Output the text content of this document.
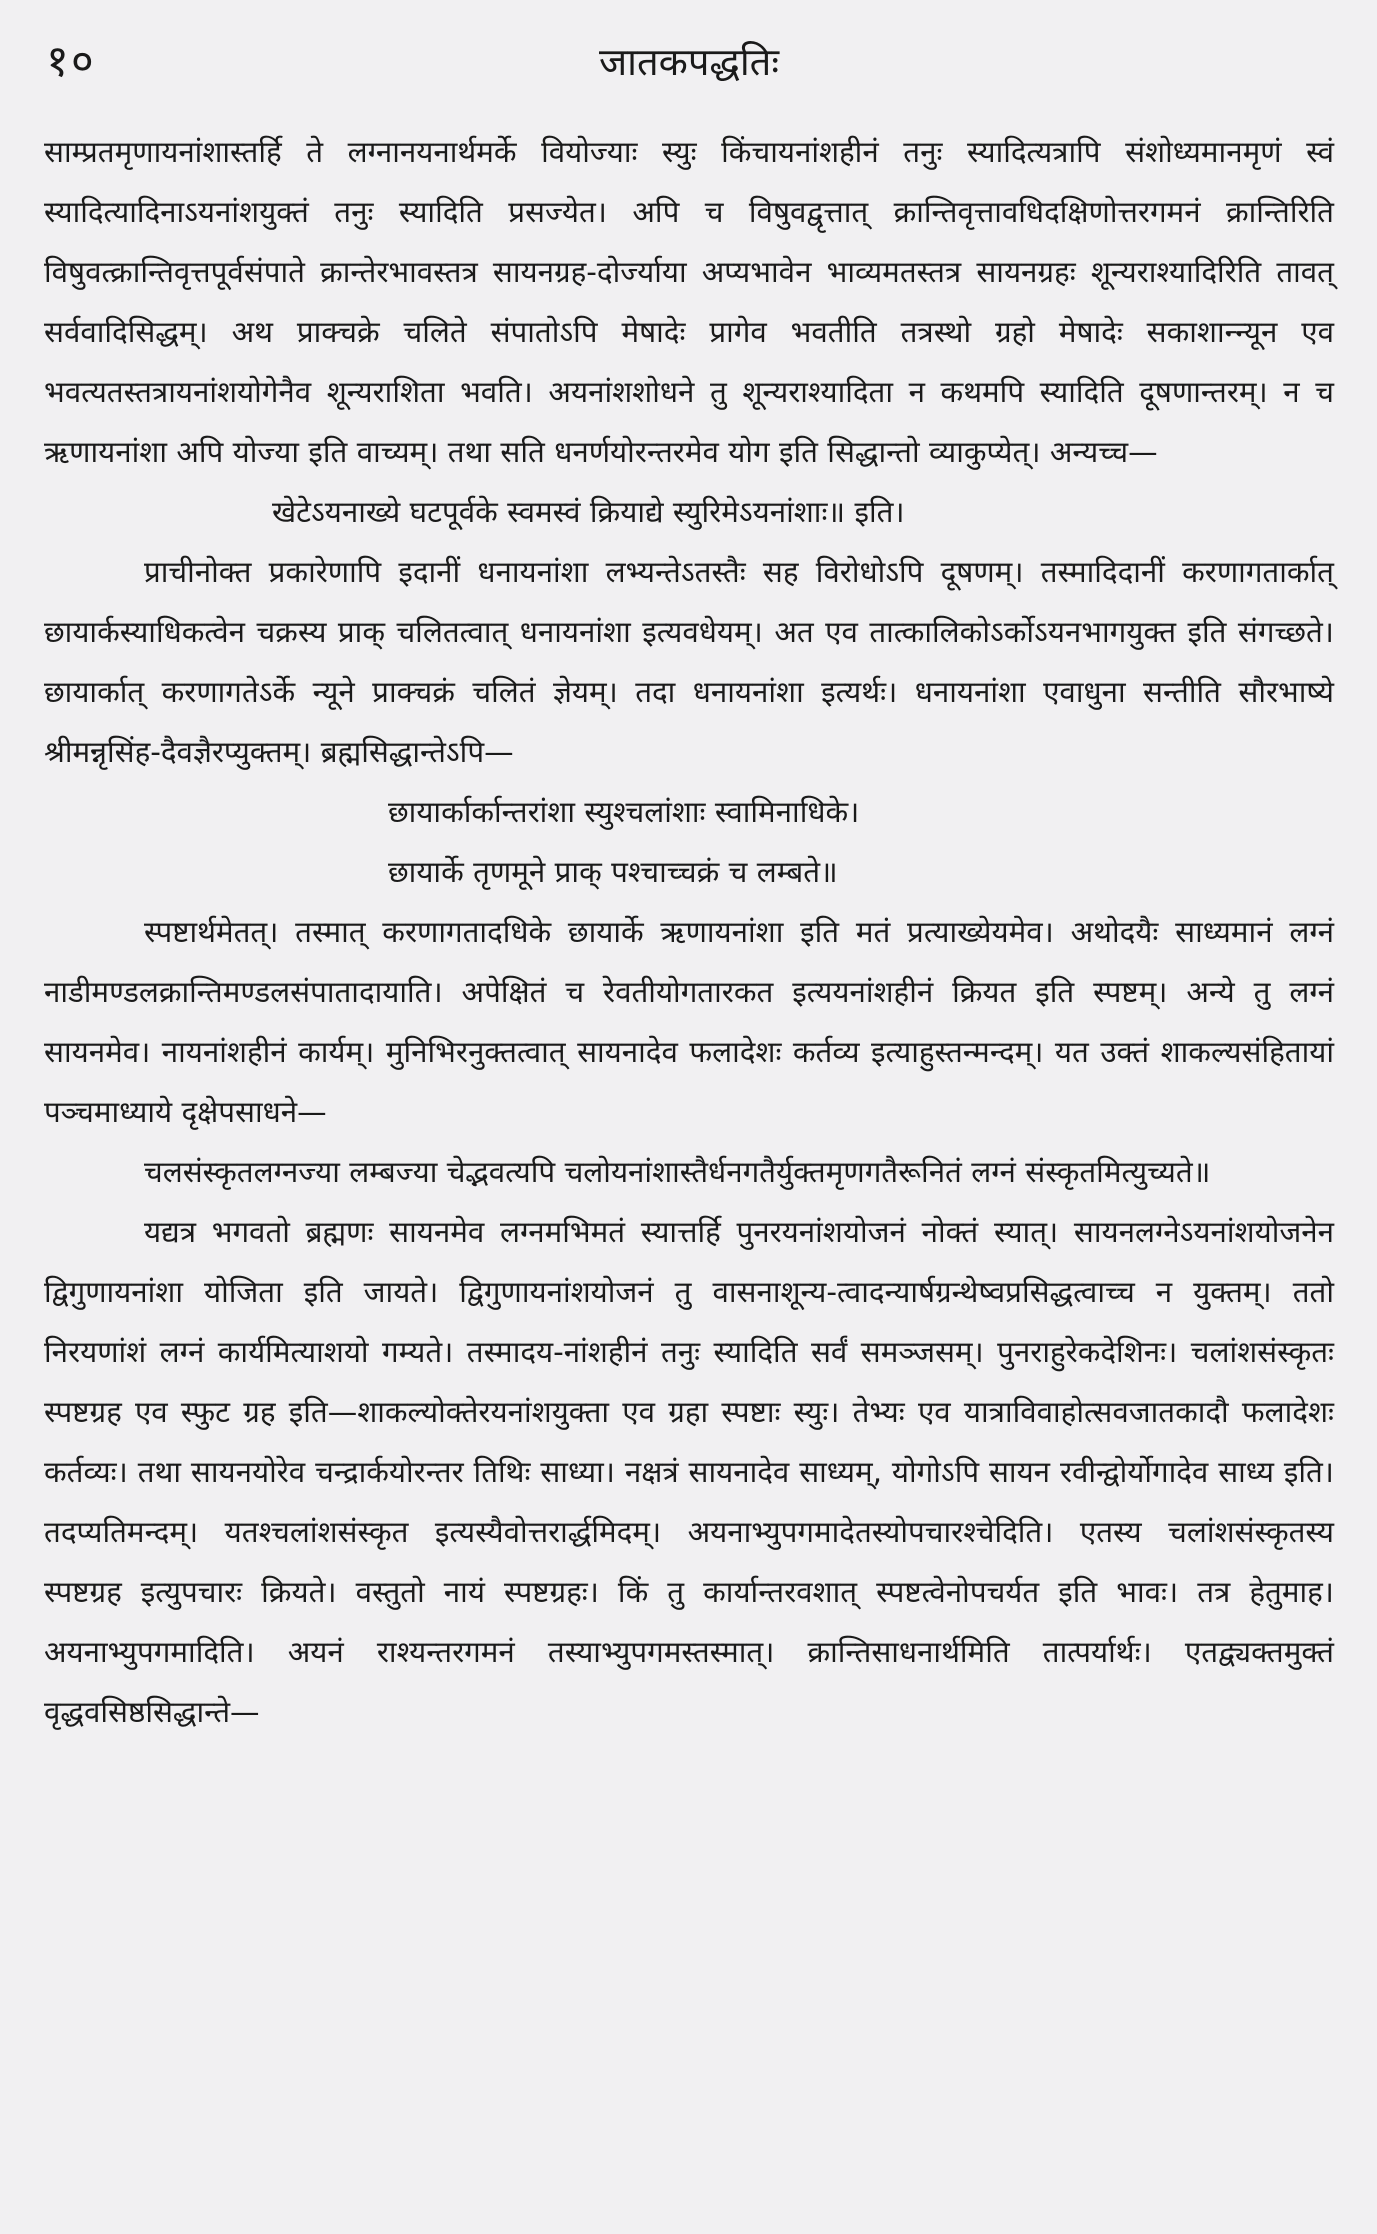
१०	जातकपद्धतिः

साम्प्रतमृणायनांशास्तर्हि ते लग्नानयनार्थमर्के वियोज्याः स्युः किंचायनांशहीनं तनुः स्यादित्यत्रापि संशोध्यमानमृणं स्वं स्यादित्यादिनाऽयनांशयुक्तं तनुः स्यादिति प्रसज्येत। अपि च विषुवद्वृत्तात् क्रान्तिवृत्तावधिदक्षिणोत्तरगमनं क्रान्तिरिति विषुवत्क्रान्तिवृत्तपूर्वसंपाते क्रान्तेरभावस्तत्र सायनग्रह-दोर्ज्याया अप्यभावेन भाव्यमतस्तत्र सायनग्रहः शून्यराश्यादिरिति तावत् सर्ववादिसिद्धम्। अथ प्राक्चक्रे चलिते संपातोऽपि मेषादेः प्रागेव भवतीति तत्रस्थो ग्रहो मेषादेः सकाशान्न्यून एव भवत्यतस्तत्रायनांशयोगेनैव शून्यराशिता भवति। अयनांशशोधने तु शून्यराश्यादिता न कथमपि स्यादिति दूषणान्तरम्। न च ऋणायनांशा अपि योज्या इति वाच्यम्। तथा सति धनर्णयोरन्तरमेव योग इति सिद्धान्तो व्याकुप्येत्। अन्यच्च—

खेटेऽयनाख्ये घटपूर्वके स्वमस्वं क्रियाद्ये स्युरिमेऽयनांशाः॥ इति।

प्राचीनोक्त प्रकारेणापि इदानीं धनायनांशा लभ्यन्तेऽतस्तैः सह विरोधोऽपि दूषणम्। तस्मादिदानीं करणागतार्कात् छायार्कस्याधिकत्वेन चक्रस्य प्राक् चलितत्वात् धनायनांशा इत्यवधेयम्। अत एव तात्कालिकोऽर्कोऽयनभागयुक्त इति संगच्छते। छायार्कात् करणागतेऽर्के न्यूने प्राक्चक्रं चलितं ज्ञेयम्। तदा धनायनांशा इत्यर्थः। धनायनांशा एवाधुना सन्तीति सौरभाष्ये श्रीमन्नृसिंह-दैवज्ञैरप्युक्तम्। ब्रह्मसिद्धान्तेऽपि—

छायार्कार्कान्तरांशा स्युश्चलांशाः स्वामिनाधिके।

छायार्के तृणमूने प्राक् पश्चाच्चक्रं च लम्बते॥

स्पष्टार्थमेतत्। तस्मात् करणागतादधिके छायार्के ऋणायनांशा इति मतं प्रत्याख्येयमेव। अथोदयैः साध्यमानं लग्नं नाडीमण्डलक्रान्तिमण्डलसंपातादायाति। अपेक्षितं च रेवतीयोगतारकत इत्ययनांशहीनं क्रियत इति स्पष्टम्। अन्ये तु लग्नं सायनमेव। नायनांशहीनं कार्यम्। मुनिभिरनुक्तत्वात् सायनादेव फलादेशः कर्तव्य इत्याहुस्तन्मन्दम्। यत उक्तं शाकल्यसंहितायां पञ्चमाध्याये दृक्षेपसाधने—

चलसंस्कृतलग्नज्या लम्बज्या चेद्भवत्यपि चलोयनांशास्तैर्धनगतैर्युक्तमृणगतैरूनितं लग्नं संस्कृतमित्युच्यते॥

यद्यत्र भगवतो ब्रह्मणः सायनमेव लग्नमभिमतं स्यात्तर्हि पुनरयनांशयोजनं नोक्तं स्यात्। सायनलग्नेऽयनांशयोजनेन द्विगुणायनांशा योजिता इति जायते। द्विगुणायनांशयोजनं तु वासनाशून्य-त्वादन्यार्षग्रन्थेष्वप्रसिद्धत्वाच्च न युक्तम्। ततो निरयणांशं लग्नं कार्यमित्याशयो गम्यते। तस्मादय-नांशहीनं तनुः स्यादिति सर्वं समञ्जसम्। पुनराहुरेकदेशिनः। चलांशसंस्कृतः स्पष्टग्रह एव स्फुट ग्रह इति—शाकल्योक्तेरयनांशयुक्ता एव ग्रहा स्पष्टाः स्युः। तेभ्यः एव यात्राविवाहोत्सवजातकादौ फलादेशः कर्तव्यः। तथा सायनयोरेव चन्द्रार्कयोरन्तर तिथिः साध्या। नक्षत्रं सायनादेव साध्यम्, योगोऽपि सायन रवीन्द्वोर्योगादेव साध्य इति। तदप्यतिमन्दम्। यतश्चलांशसंस्कृत इत्यस्यैवोत्तरार्द्धमिदम्। अयनाभ्युपगमादेतस्योपचारश्चेदिति। एतस्य चलांशसंस्कृतस्य स्पष्टग्रह इत्युपचारः क्रियते। वस्तुतो नायं स्पष्टग्रहः। किं तु कार्यान्तरवशात् स्पष्टत्वेनोपचर्यत इति भावः। तत्र हेतुमाह। अयनाभ्युपगमादिति। अयनं राश्यन्तरगमनं तस्याभ्युपगमस्तस्मात्। क्रान्तिसाधनार्थमिति तात्पर्यार्थः। एतद्व्यक्तमुक्तं वृद्धवसिष्ठसिद्धान्ते—
